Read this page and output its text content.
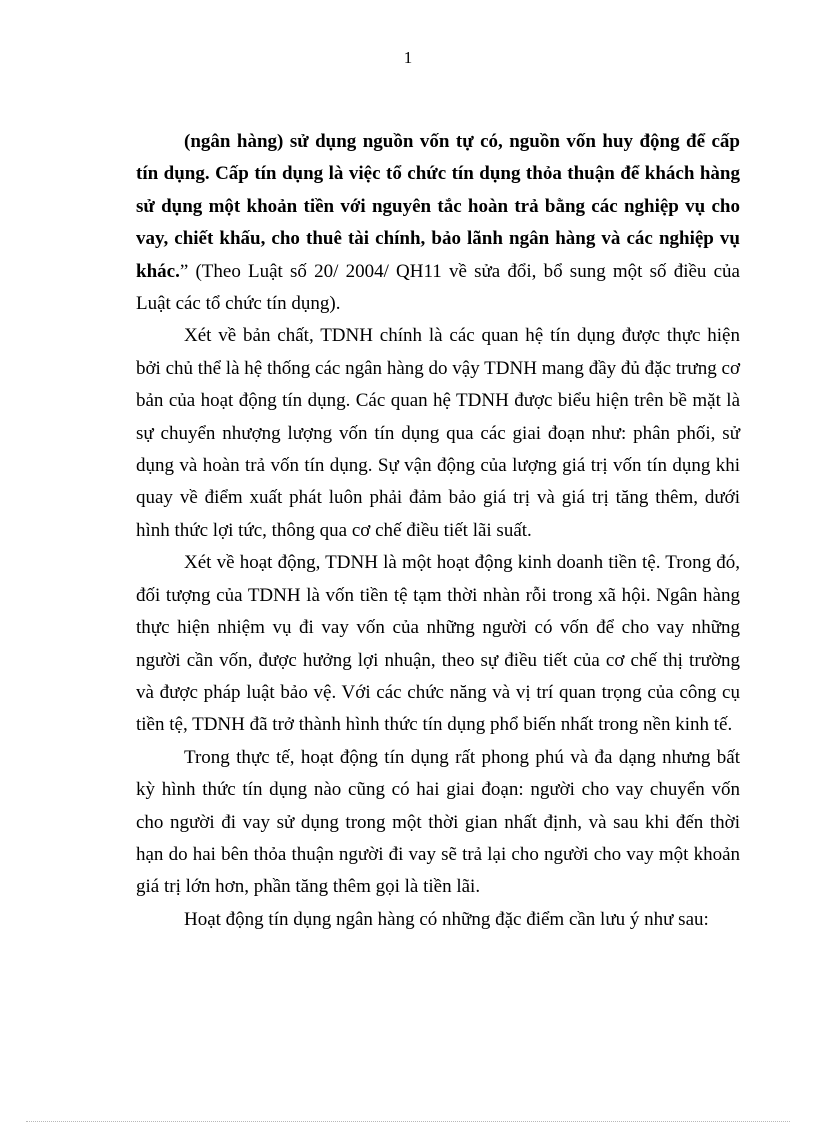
1

(ngân hàng) sử dụng nguồn vốn tự có, nguồn vốn huy động để cấp tín dụng. Cấp tín dụng là việc tổ chức tín dụng thỏa thuận để khách hàng sử dụng một khoản tiền với nguyên tắc hoàn trả bằng các nghiệp vụ cho vay, chiết khấu, cho thuê tài chính, bảo lãnh ngân hàng và các nghiệp vụ khác.” (Theo Luật số 20/ 2004/ QH11 về sửa đổi, bổ sung một số điều của Luật các tổ chức tín dụng).

Xét về bản chất, TDNH chính là các quan hệ tín dụng được thực hiện bởi chủ thể là hệ thống các ngân hàng do vậy TDNH mang đầy đủ đặc trưng cơ bản của hoạt động tín dụng. Các quan hệ TDNH được biểu hiện trên bề mặt là sự chuyển nhượng lượng vốn tín dụng qua các giai đoạn như: phân phối, sử dụng và hoàn trả vốn tín dụng. Sự vận động của lượng giá trị vốn tín dụng khi quay về điểm xuất phát luôn phải đảm bảo giá trị và giá trị tăng thêm, dưới hình thức lợi tức, thông qua cơ chế điều tiết lãi suất.

Xét về hoạt động, TDNH là một hoạt động kinh doanh tiền tệ. Trong đó, đối tượng của TDNH là vốn tiền tệ tạm thời nhàn rỗi trong xã hội. Ngân hàng thực hiện nhiệm vụ đi vay vốn của những người có vốn để cho vay những người cần vốn, được hưởng lợi nhuận, theo sự điều tiết của cơ chế thị trường và được pháp luật bảo vệ. Với các chức năng và vị trí quan trọng của công cụ tiền tệ, TDNH đã trở thành hình thức tín dụng phổ biến nhất trong nền kinh tế.

Trong thực tế, hoạt động tín dụng rất phong phú và đa dạng nhưng bất kỳ hình thức tín dụng nào cũng có hai giai đoạn: người cho vay chuyển vốn cho người đi vay sử dụng trong một thời gian nhất định, và sau khi đến thời hạn do hai bên thỏa thuận người đi vay sẽ trả lại cho người cho vay một khoản giá trị lớn hơn, phần tăng thêm gọi là tiền lãi.

Hoạt động tín dụng ngân hàng có những đặc điểm cần lưu ý như sau:
